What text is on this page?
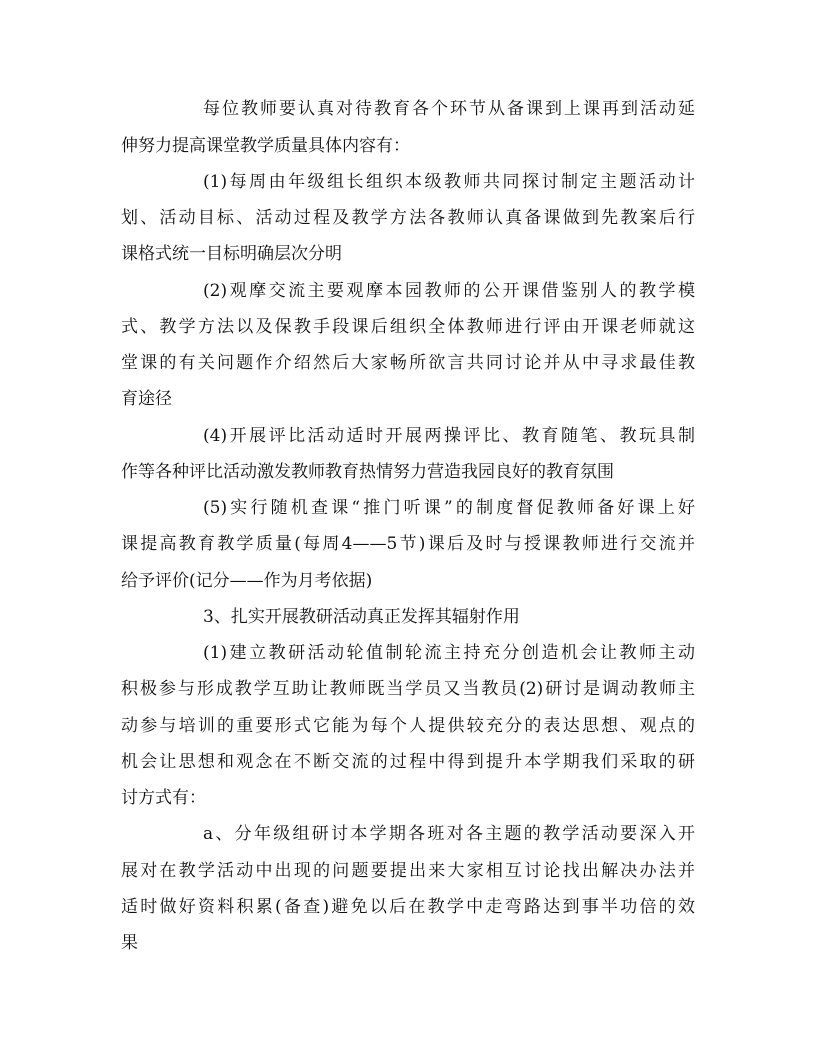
每位教师要认真对待教育各个环节从备课到上课再到活动延
伸努力提高课堂教学质量具体内容有：
(1)每周由年级组长组织本级教师共同探讨制定主题活动计
划、活动目标、活动过程及教学方法各教师认真备课做到先教案后行
课格式统一目标明确层次分明
(2)观摩交流主要观摩本园教师的公开课借鉴别人的教学模
式、教学方法以及保教手段课后组织全体教师进行评由开课老师就这
堂课的有关问题作介绍然后大家畅所欲言共同讨论并从中寻求最佳教
育途径
(4)开展评比活动适时开展两操评比、教育随笔、教玩具制
作等各种评比活动激发教师教育热情努力营造我园良好的教育氛围
(5)实行随机查课“推门听课”的制度督促教师备好课上好
课提高教育教学质量(每周4——5节)课后及时与授课教师进行交流并
给予评价(记分——作为月考依据)
3、扎实开展教研活动真正发挥其辐射作用
(1)建立教研活动轮值制轮流主持充分创造机会让教师主动
积极参与形成教学互助让教师既当学员又当教员(2)研讨是调动教师主
动参与培训的重要形式它能为每个人提供较充分的表达思想、观点的
机会让思想和观念在不断交流的过程中得到提升本学期我们采取的研
讨方式有：
a、分年级组研讨本学期各班对各主题的教学活动要深入开
展对在教学活动中出现的问题要提出来大家相互讨论找出解决办法并
适时做好资料积累(备查)避免以后在教学中走弯路达到事半功倍的效
果
